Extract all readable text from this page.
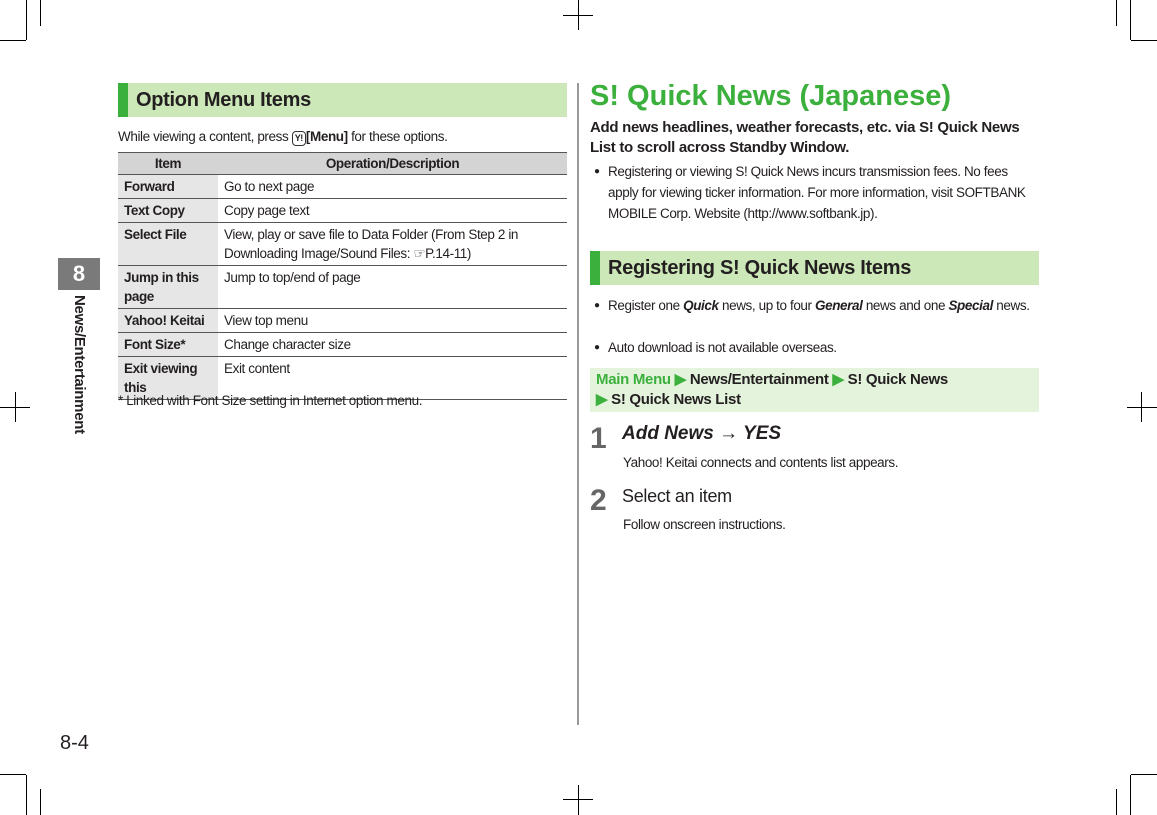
8
News/Entertainment
8-4
Option Menu Items
While viewing a content, press Y! [Menu] for these options.
Item	Operation/Description
Forward	Go to next page
Text Copy	Copy page text
Select File	View, play or save file to Data Folder (From Step 2 in Downloading Image/Sound Files: ☞P.14-11)
Jump in this page	Jump to top/end of page
Yahoo! Keitai	View top menu
Font Size*	Change character size
Exit viewing this	Exit content
* Linked with Font Size setting in Internet option menu.
S! Quick News (Japanese)
Add news headlines, weather forecasts, etc. via S! Quick News List to scroll across Standby Window.
● Registering or viewing S! Quick News incurs transmission fees. No fees apply for viewing ticker information. For more information, visit SOFTBANK MOBILE Corp. Website (http://www.softbank.jp).
Registering S! Quick News Items
● Register one Quick news, up to four General news and one Special news.
● Auto download is not available overseas.
Main Menu ▶ News/Entertainment ▶ S! Quick News
▶ S! Quick News List
1 Add News → YES
Yahoo! Keitai connects and contents list appears.
2 Select an item
Follow onscreen instructions.
